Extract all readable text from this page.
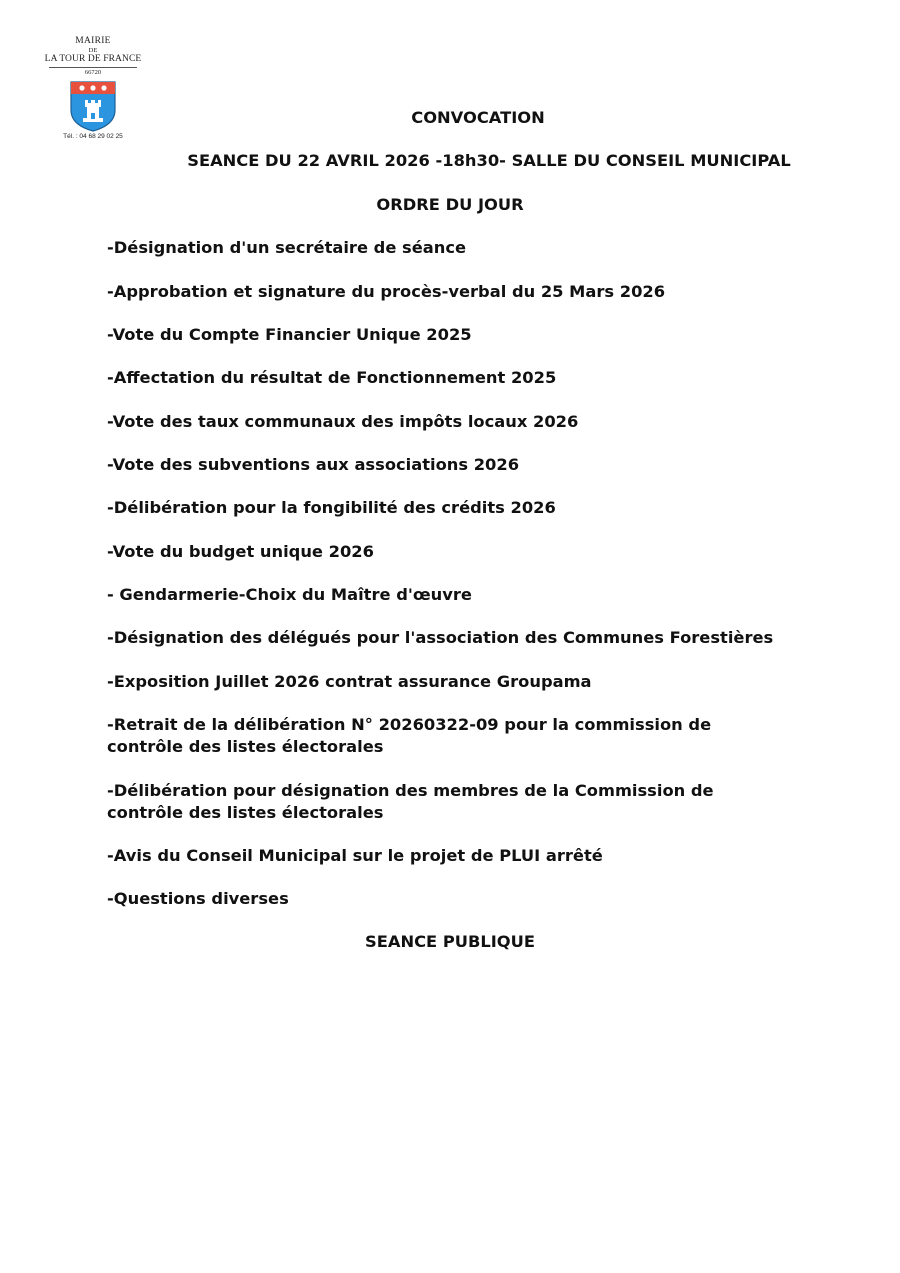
MAIRIE
DE
LA TOUR DE FRANCE
66720
Tél. : 04 68 29 02 25
CONVOCATION
SEANCE DU 22 AVRIL 2026 -18h30- SALLE DU CONSEIL MUNICIPAL
ORDRE DU JOUR
-Désignation d'un secrétaire de séance
-Approbation et signature du procès-verbal du 25 Mars 2026
-Vote du Compte Financier Unique 2025
-Affectation du résultat de Fonctionnement 2025
-Vote des taux communaux des impôts locaux 2026
-Vote des subventions aux associations 2026
-Délibération pour la fongibilité des crédits 2026
-Vote du budget unique 2026
- Gendarmerie-Choix du Maître d'œuvre
-Désignation des délégués pour l'association des Communes Forestières
-Exposition Juillet 2026 contrat assurance Groupama
-Retrait de la délibération N° 20260322-09 pour la commission de contrôle des listes électorales
-Délibération pour désignation des membres de la Commission de contrôle des listes électorales
-Avis du Conseil Municipal sur le projet de PLUI arrêté
-Questions diverses
SEANCE PUBLIQUE
